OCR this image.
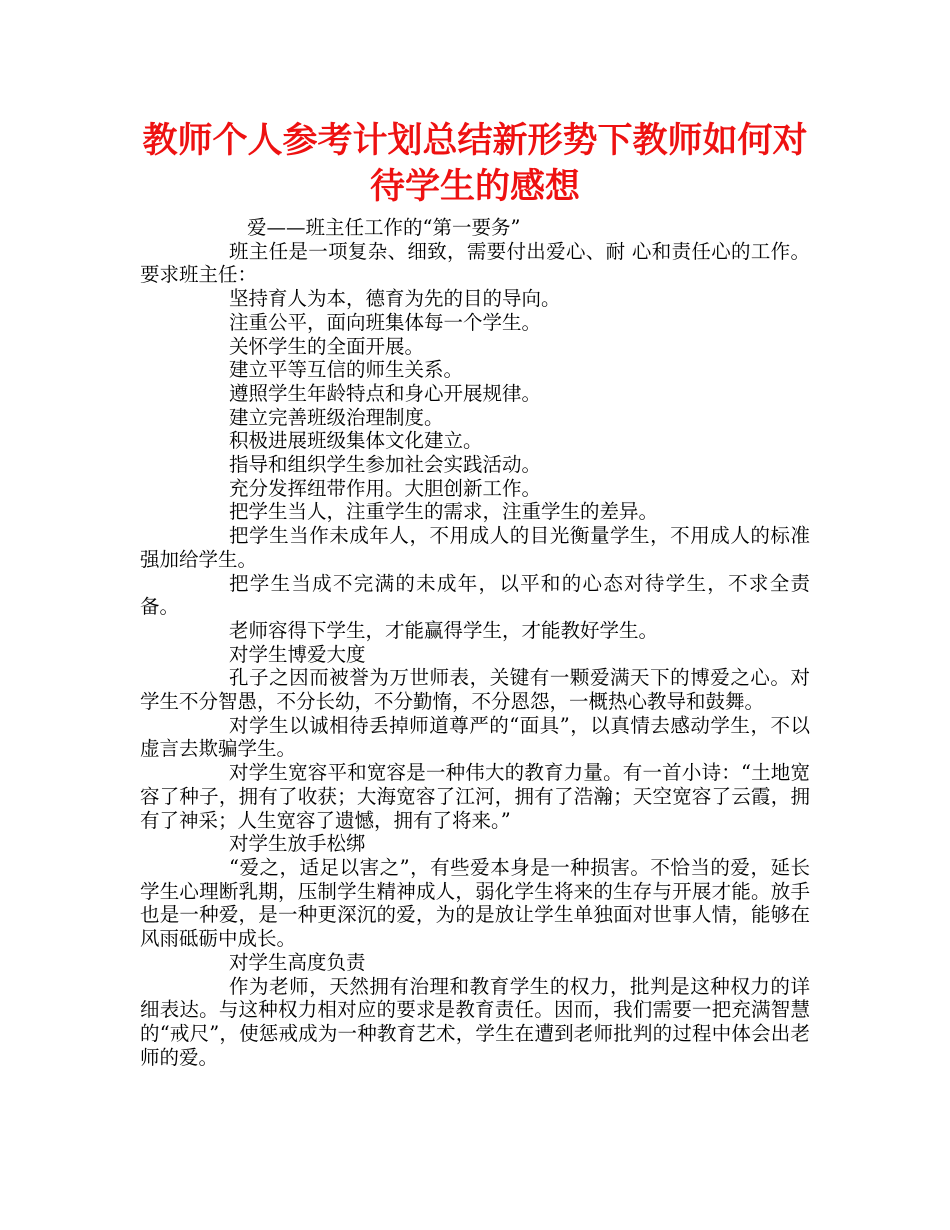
教师个人参考计划总结新形势下教师如何对待学生的感想

爱——班主任工作的“第一要务”

班主任是一项复杂、细致，需要付出爱心、耐 心和责任心的工作。要求班主任：

坚持育人为本，德育为先的目的导向。

注重公平，面向班集体每一个学生。

关怀学生的全面开展。

建立平等互信的师生关系。

遵照学生年龄特点和身心开展规律。

建立完善班级治理制度。

积极进展班级集体文化建立。

指导和组织学生参加社会实践活动。

充分发挥纽带作用。大胆创新工作。

把学生当人，注重学生的需求，注重学生的差异。

把学生当作未成年人，不用成人的目光衡量学生，不用成人的标准强加给学生。

把学生当成不完满的未成年，以平和的心态对待学生，不求全责备。

老师容得下学生，才能赢得学生，才能教好学生。

对学生博爱大度

孔子之因而被誉为万世师表，关键有一颗爱满天下的博爱之心。对学生不分智愚，不分长幼，不分勤惰，不分恩怨，一概热心教导和鼓舞。

对学生以诚相待丢掉师道尊严的“面具”，以真情去感动学生，不以虚言去欺骗学生。

对学生宽容平和宽容是一种伟大的教育力量。有一首小诗：“土地宽容了种子，拥有了收获；大海宽容了江河，拥有了浩瀚；天空宽容了云霞，拥有了神采；人生宽容了遗憾，拥有了将来。”

对学生放手松绑

“爱之，适足以害之”，有些爱本身是一种损害。不恰当的爱，延长学生心理断乳期，压制学生精神成人，弱化学生将来的生存与开展才能。放手也是一种爱，是一种更深沉的爱，为的是放让学生单独面对世事人情，能够在风雨砥砺中成长。

对学生高度负责

作为老师，天然拥有治理和教育学生的权力，批判是这种权力的详细表达。与这种权力相对应的要求是教育责任。因而，我们需要一把充满智慧的“戒尺”，使惩戒成为一种教育艺术，学生在遭到老师批判的过程中体会出老师的爱。
